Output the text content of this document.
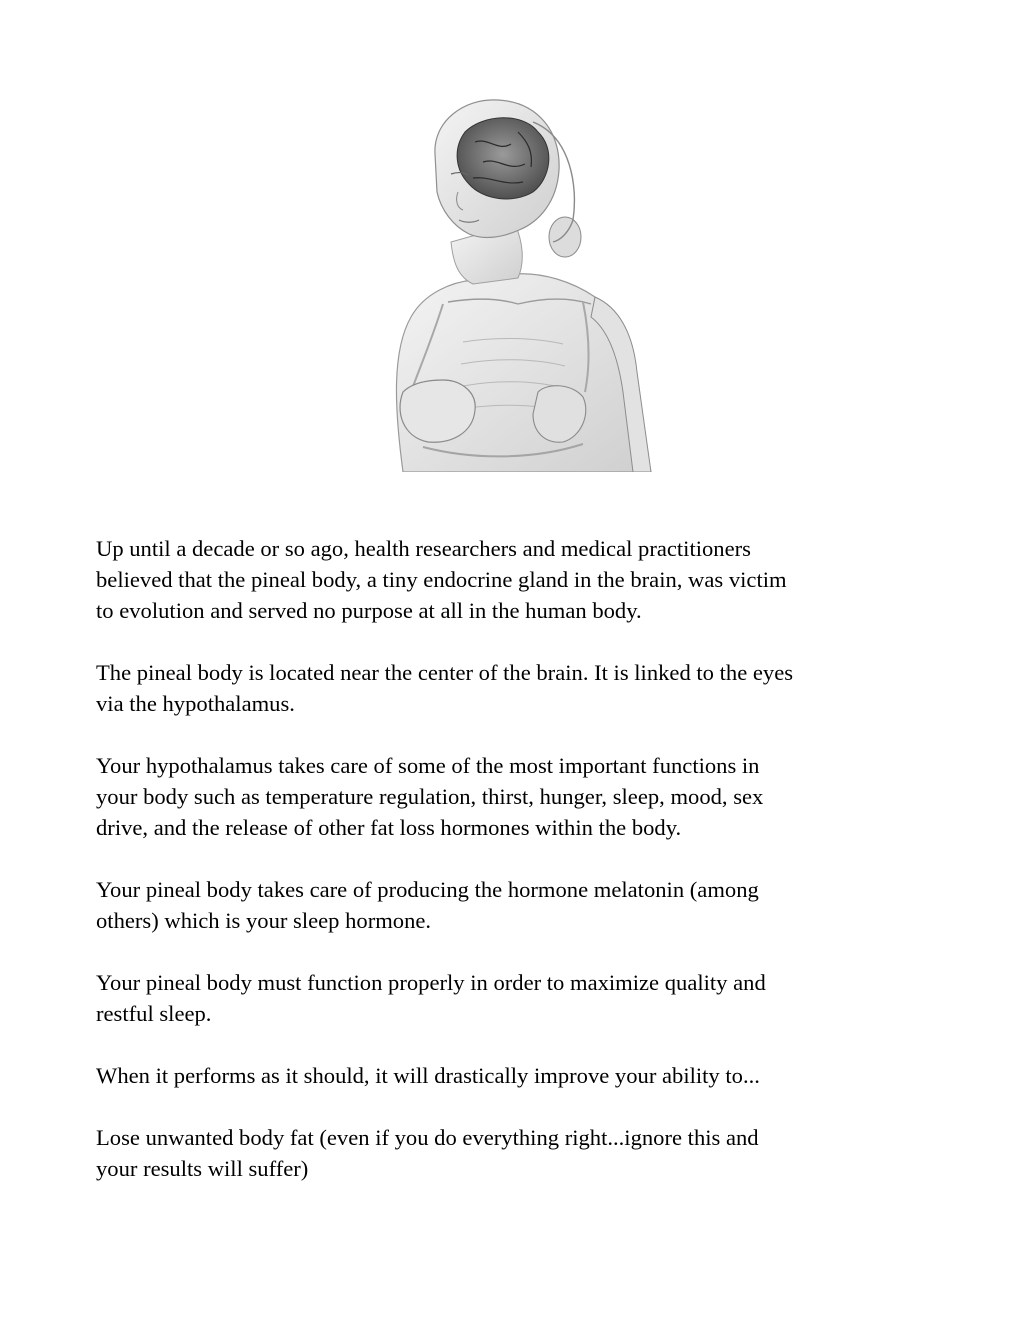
Up until a decade or so ago, health researchers and medical practitioners
believed that the pineal body, a tiny endocrine gland in the brain, was victim
to evolution and served no purpose at all in the human body.

The pineal body is located near the center of the brain. It is linked to the eyes
via the hypothalamus.

Your hypothalamus takes care of some of the most important functions in
your body such as temperature regulation, thirst, hunger, sleep, mood, sex
drive, and the release of other fat loss hormones within the body.

Your pineal body takes care of producing the hormone melatonin (among
others) which is your sleep hormone.

Your pineal body must function properly in order to maximize quality and
restful sleep.

When it performs as it should, it will drastically improve your ability to...

Lose unwanted body fat (even if you do everything right...ignore this and
your results will suffer)
